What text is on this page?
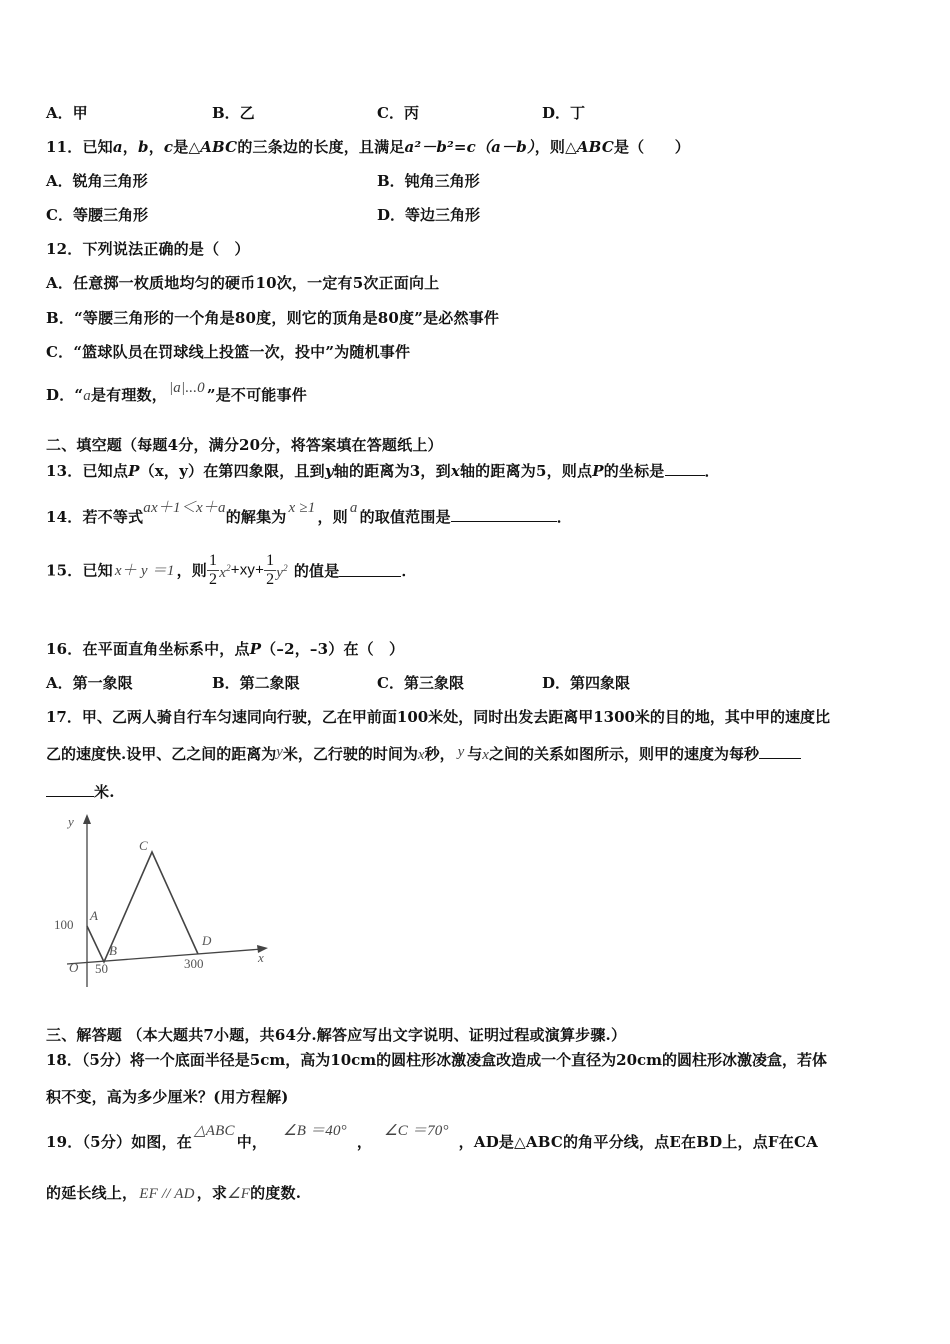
A．甲	B．乙	C．丙	D．丁
11．已知a，b，c是△ABC的三条边的长度，且满足a²－b²=c（a－b），则△ABC是（　　）
A．锐角三角形	B．钝角三角形
C．等腰三角形	D．等边三角形
12．下列说法正确的是（　）
A．任意掷一枚质地均匀的硬币10次，一定有5次正面向上
B．“等腰三角形的一个角是80度，则它的顶角是80度”是必然事件
C．“篮球队员在罚球线上投篮一次，投中”为随机事件
D．“a是有理数， |a|...0 ”是不可能事件
二、填空题（每题4分，满分20分，将答案填在答题纸上）
13．已知点P（x，y）在第四象限，且到y轴的距离为3，到x轴的距离为5，则点P的坐标是	．
14．若不等式ax＋1＜x＋a的解集为 x ≥1 ，则 a 的取值范围是	．
15．已知 x＋ y ＝1 ，则 $\frac{1}{2} x^2+xy+ \frac{1}{2} y^2$ 的值是	．
16．在平面直角坐标系中，点P（–2，–3）在（　）
A．第一象限	B．第二象限	C．第三象限	D．第四象限
17．甲、乙两人骑自行车匀速同向行驶，乙在甲前面100米处，同时出发去距离甲1300米的目的地，其中甲的速度比
乙的速度快.设甲、乙之间的距离为y米，乙行驶的时间为x秒， y 与x之间的关系如图所示，则甲的速度为每秒
米.
y
x
O
100
50	300
A
B
C
D
三、解答题 （本大题共7小题，共64分.解答应写出文字说明、证明过程或演算步骤.）
18．（5分）将一个底面半径是5cm，高为10cm的圆柱形冰激凌盒改造成一个直径为20cm的圆柱形冰激凌盒，若体
积不变，高为多少厘米？(用方程解)
19．（5分）如图，在△ABC中，∠B ＝40°，∠C ＝70°，AD是△ABC的角平分线，点E在BD上，点F在CA
的延长线上， EF // AD ，求∠F的度数.
